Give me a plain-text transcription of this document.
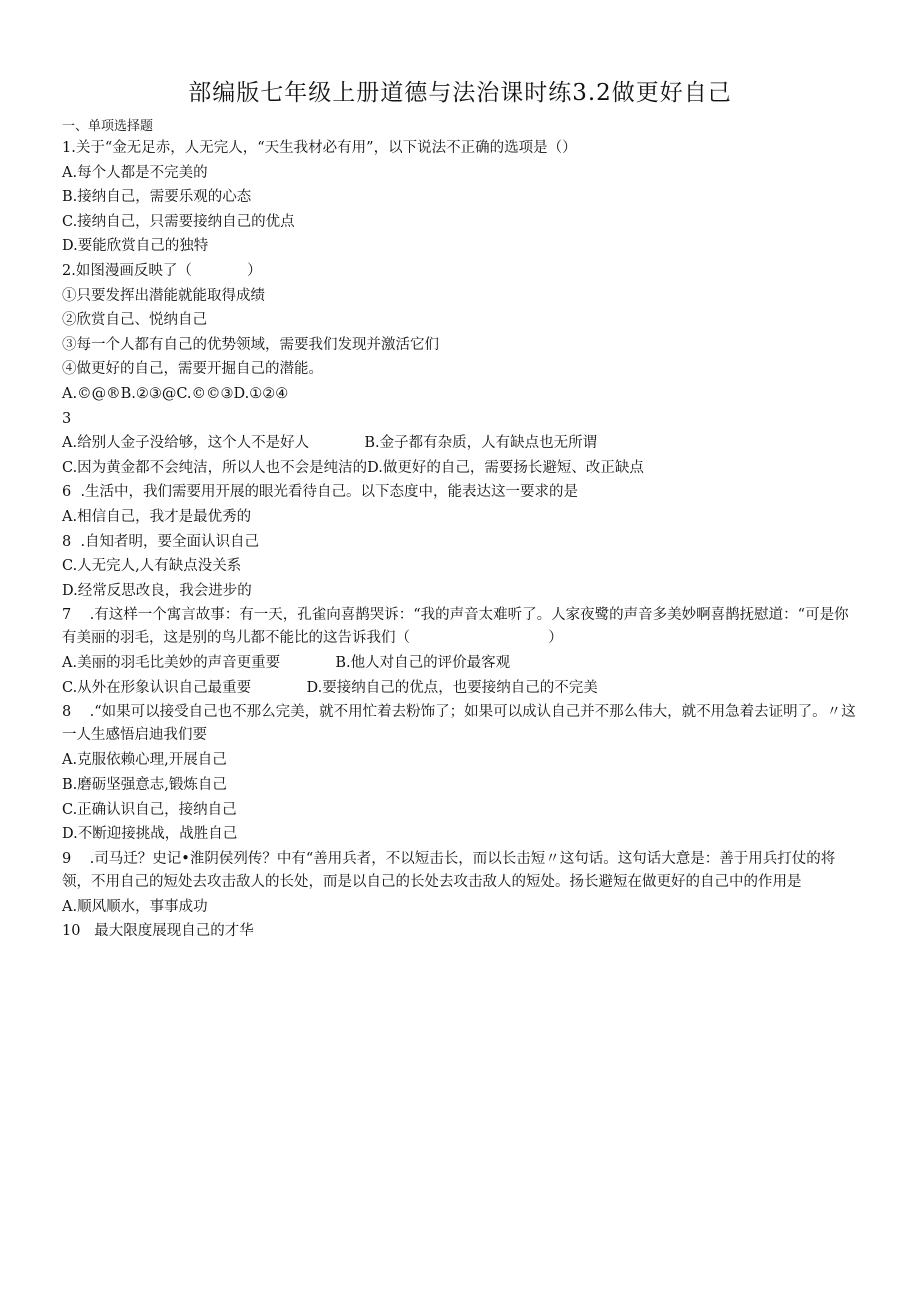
部编版七年级上册道德与法治课时练3.2做更好自己
一、单项选择题
1.关于“金无足赤，人无完人，“天生我材必有用”，以下说法不正确的选项是（）
A.每个人都是不完美的
B.接纳自己，需要乐观的心态
C.接纳自己，只需要接纳自己的优点
D.要能欣赏自己的独特
2.如图漫画反映了（            ）
①只要发挥出潜能就能取得成绩
②欣赏自己、悦纳自己
③每一个人都有自己的优势领域，需要我们发现并激活它们
④做更好的自己，需要开掘自己的潜能。
A.©@®B.②③@C.©©③D.①②④
3
A.给别人金子没给够，这个人不是好人            B.金子都有杂质，人有缺点也无所谓
C.因为黄金都不会纯洁，所以人也不会是纯洁的D.做更好的自己，需要扬长避短、改正缺点
6  .生活中，我们需要用开展的眼光看待自己。以下态度中，能表达这一要求的是
A.相信自己，我才是最优秀的
8  .自知者明，要全面认识自己
C.人无完人,人有缺点没关系
D.经常反思改良，我会进步的
7    .有这样一个寓言故事：有一天，孔雀向喜鹊哭诉：“我的声音太难听了。人家夜鹭的声音多美妙啊喜鹊抚慰道：“可是你有美丽的羽毛，这是别的鸟儿都不能比的这告诉我们（                              ）
A.美丽的羽毛比美妙的声音更重要            B.他人对自己的评价最客观
C.从外在形象认识自己最重要            D.要接纳自己的优点，也要接纳自己的不完美
8    .“如果可以接受自己也不那么完美，就不用忙着去粉饰了；如果可以成认自己并不那么伟大，就不用急着去证明了。〃这一人生感悟启迪我们要
A.克服依赖心理,开展自己
B.磨砺坚强意志,锻炼自己
C.正确认识自己，接纳自己
D.不断迎接挑战，战胜自己
9    .司马迁？史记•淮阴侯列传？中有“善用兵者，不以短击长，而以长击短〃这句话。这句话大意是：善于用兵打仗的将领，不用自己的短处去攻击敌人的长处，而是以自己的长处去攻击敌人的短处。扬长避短在做更好的自己中的作用是
A.顺风顺水，事事成功
10   最大限度展现自己的才华
